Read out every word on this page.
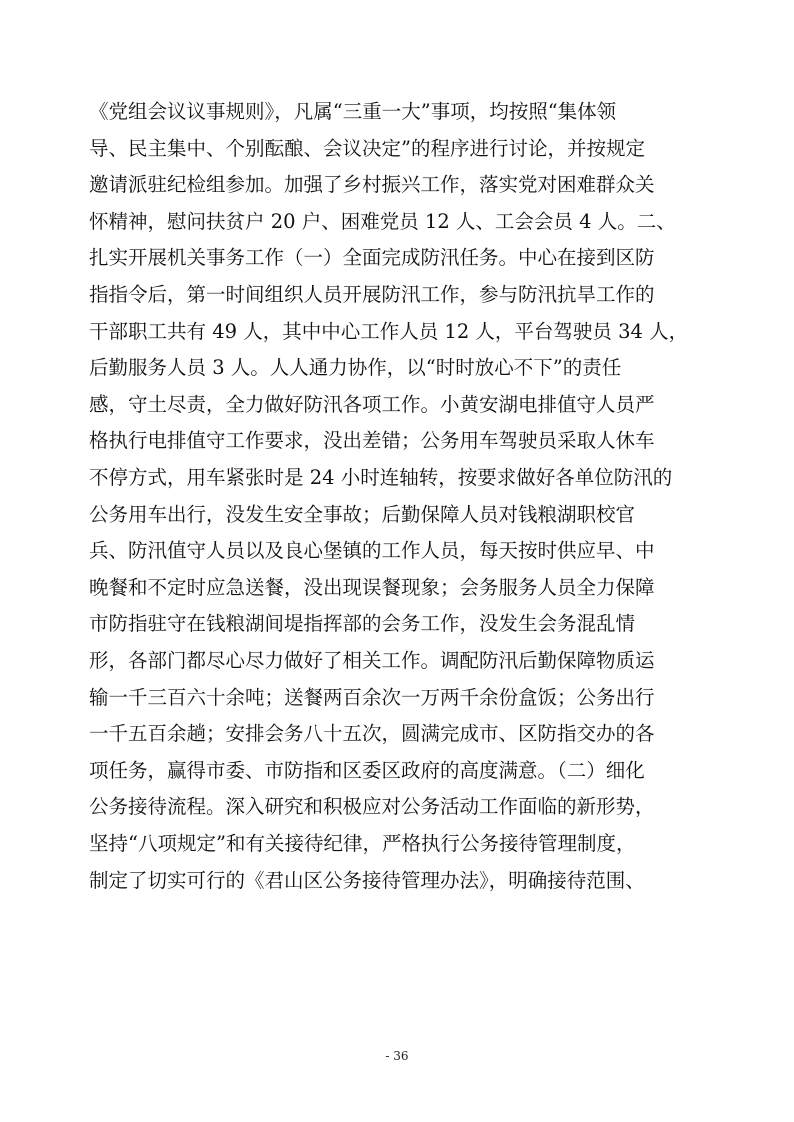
《党组会议议事规则》，凡属“三重一大”事项，均按照“集体领
导、民主集中、个别酝酿、会议决定”的程序进行讨论，并按规定
邀请派驻纪检组参加。加强了乡村振兴工作，落实党对困难群众关
怀精神，慰问扶贫户 20 户、困难党员 12 人、工会会员 4 人。二、
扎实开展机关事务工作（一）全面完成防汛任务。中心在接到区防
指指令后，第一时间组织人员开展防汛工作，参与防汛抗旱工作的
干部职工共有 49 人，其中中心工作人员 12 人，平台驾驶员 34 人，
后勤服务人员 3 人。人人通力协作，以“时时放心不下”的责任
感，守土尽责，全力做好防汛各项工作。小黄安湖电排值守人员严
格执行电排值守工作要求，没出差错；公务用车驾驶员采取人休车
不停方式，用车紧张时是 24 小时连轴转，按要求做好各单位防汛的
公务用车出行，没发生安全事故；后勤保障人员对钱粮湖职校官
兵、防汛值守人员以及良心堡镇的工作人员，每天按时供应早、中
晚餐和不定时应急送餐，没出现误餐现象；会务服务人员全力保障
市防指驻守在钱粮湖间堤指挥部的会务工作，没发生会务混乱情
形，各部门都尽心尽力做好了相关工作。调配防汛后勤保障物质运
输一千三百六十余吨；送餐两百余次一万两千余份盒饭；公务出行
一千五百余趟；安排会务八十五次，圆满完成市、区防指交办的各
项任务，赢得市委、市防指和区委区政府的高度满意。（二）细化
公务接待流程。深入研究和积极应对公务活动工作面临的新形势，
坚持“八项规定”和有关接待纪律，严格执行公务接待管理制度，
制定了切实可行的《君山区公务接待管理办法》，明确接待范围、
- 36
